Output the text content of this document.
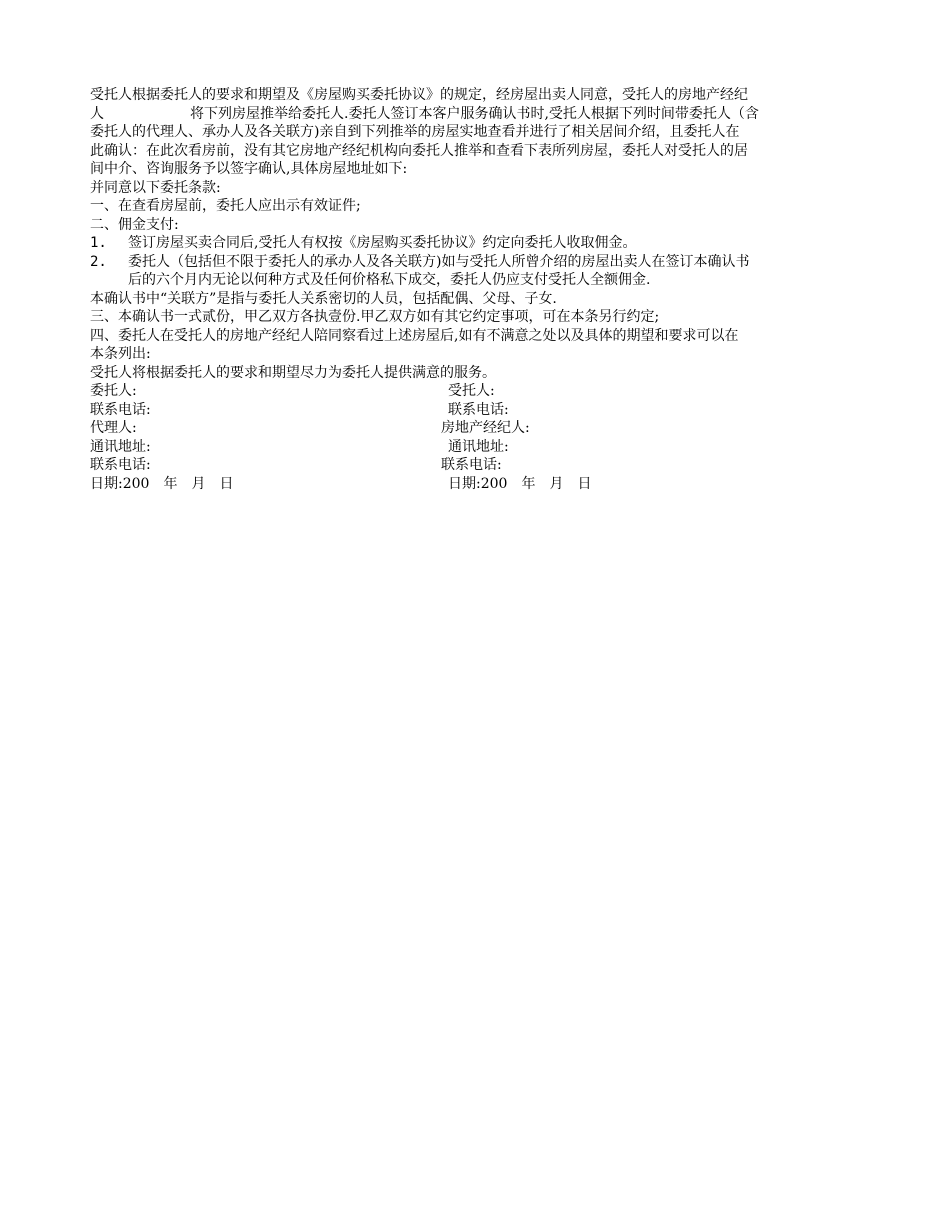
受托人根据委托人的要求和期望及《房屋购买委托协议》的规定，经房屋出卖人同意，受托人的房地产经纪
人	将下列房屋推举给委托人.委托人签订本客户服务确认书时,受托人根据下列时间带委托人（含
委托人的代理人、承办人及各关联方)亲自到下列推举的房屋实地查看并进行了相关居间介绍，且委托人在
此确认：在此次看房前，没有其它房地产经纪机构向委托人推举和查看下表所列房屋，委托人对受托人的居
间中介、咨询服务予以签字确认,具体房屋地址如下:
并同意以下委托条款:
一、在查看房屋前，委托人应出示有效证件;
二、佣金支付:
1.	签订房屋买卖合同后,受托人有权按《房屋购买委托协议》约定向委托人收取佣金。
2.	委托人（包括但不限于委托人的承办人及各关联方)如与受托人所曾介绍的房屋出卖人在签订本确认书
后的六个月内无论以何种方式及任何价格私下成交，委托人仍应支付受托人全额佣金.
本确认书中“关联方”是指与委托人关系密切的人员，包括配偶、父母、子女.
三、本确认书一式贰份，甲乙双方各执壹份.甲乙双方如有其它约定事项，可在本条另行约定;
四、委托人在受托人的房地产经纪人陪同察看过上述房屋后,如有不满意之处以及具体的期望和要求可以在
本条列出:
受托人将根据委托人的要求和期望尽力为委托人提供满意的服务。
委托人:	受托人:
联系电话:	联系电话:
代理人:	房地产经纪人:
通讯地址:	通讯地址:
联系电话:	联系电话:
日期:200　年　月　日	日期:200　年　月　日
